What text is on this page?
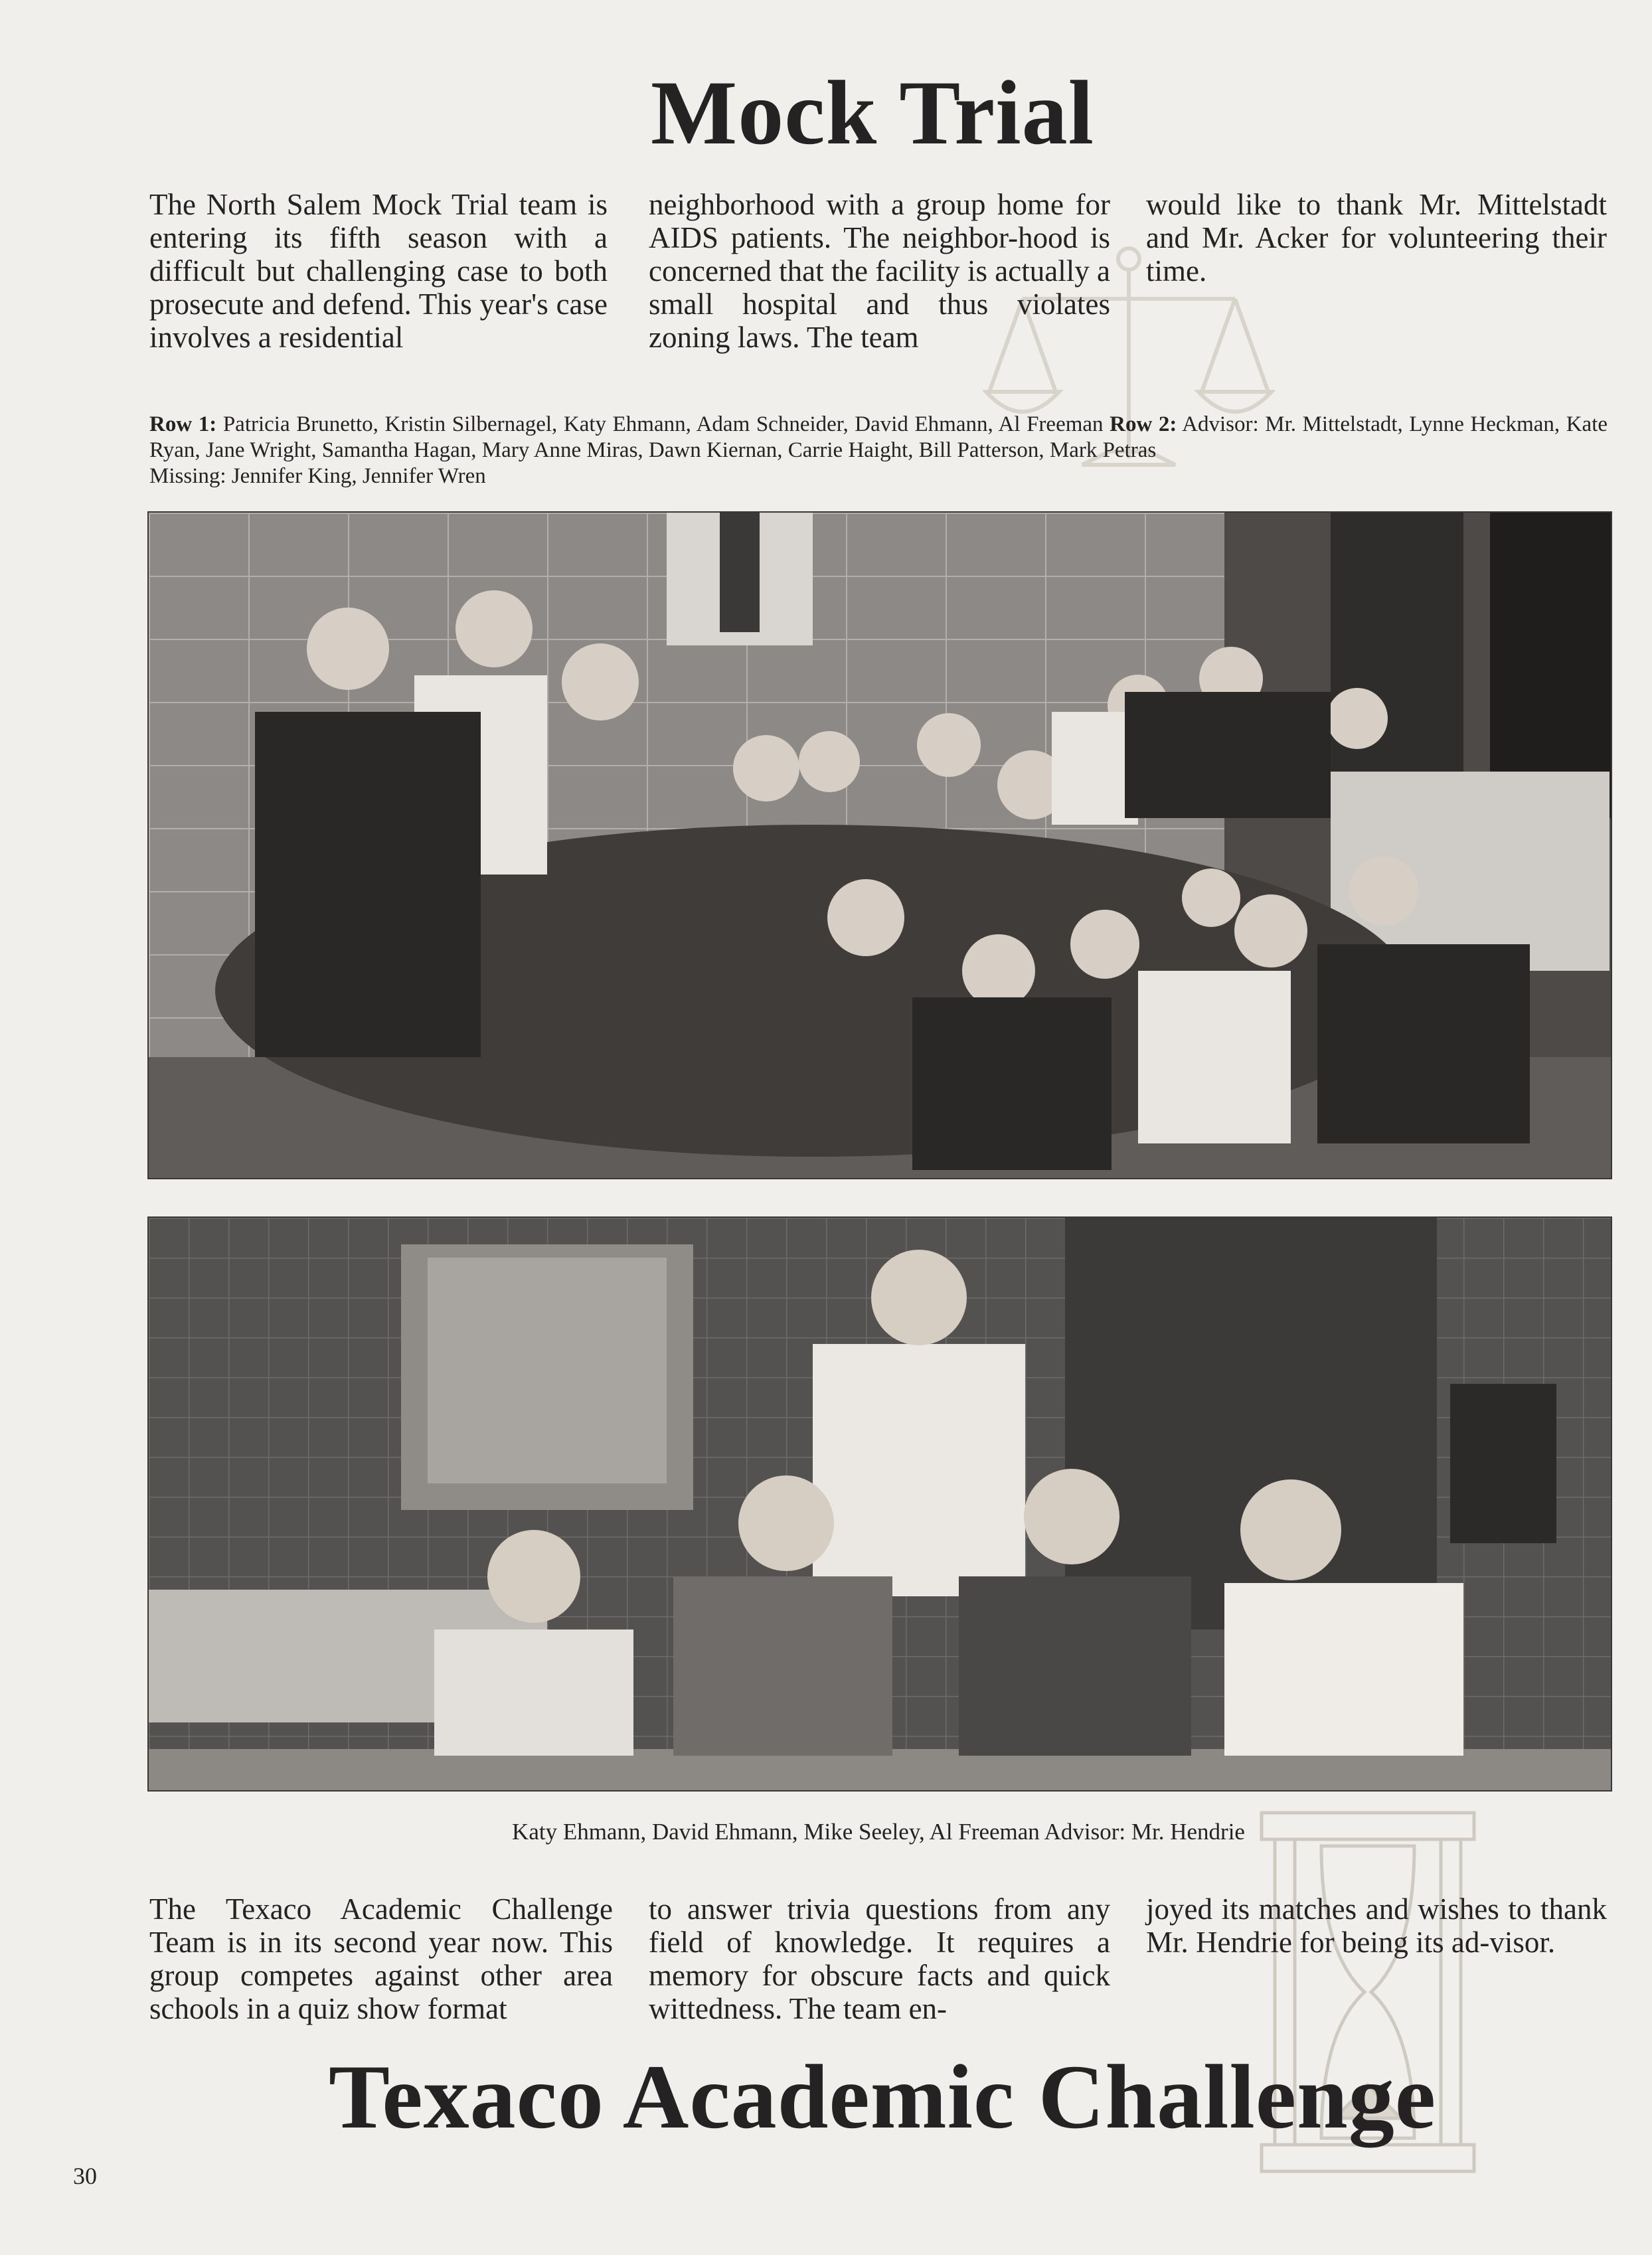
Mock Trial
The North Salem Mock Trial team is entering its fifth season with a difficult but challenging case to both prosecute and defend. This year's case involves a residential
neighborhood with a group home for AIDS patients. The neighbor-hood is concerned that the facility is actually a small hospital and thus violates zoning laws. The team
would like to thank Mr. Mittelstadt and Mr. Acker for volunteering their time.
Row 1: Patricia Brunetto, Kristin Silbernagel, Katy Ehmann, Adam Schneider, David Ehmann, Al Freeman Row 2: Advisor: Mr. Mittelstadt, Lynne Heckman, Kate Ryan, Jane Wright, Samantha Hagan, Mary Anne Miras, Dawn Kiernan, Carrie Haight, Bill Patterson, Mark Petras
Missing: Jennifer King, Jennifer Wren
Katy Ehmann, David Ehmann, Mike Seeley, Al Freeman Advisor: Mr. Hendrie
The Texaco Academic Challenge Team is in its second year now. This group competes against other area schools in a quiz show format
to answer trivia questions from any field of knowledge. It requires a memory for obscure facts and quick wittedness. The team en-
joyed its matches and wishes to thank Mr. Hendrie for being its ad-visor.
Texaco Academic Challenge
30
